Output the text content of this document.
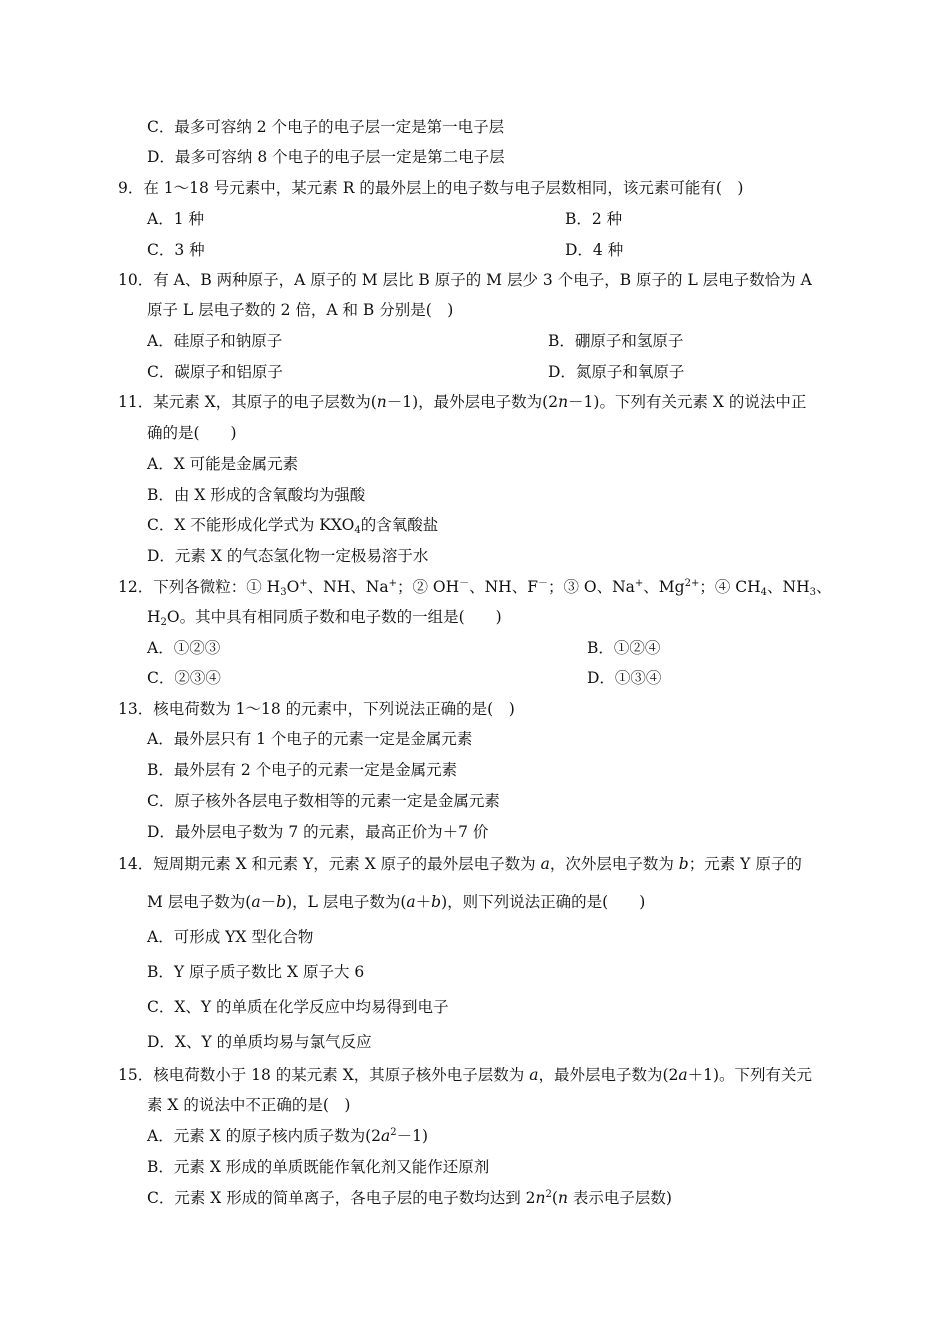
C．最多可容纳 2 个电子的电子层一定是第一电子层
D．最多可容纳 8 个电子的电子层一定是第二电子层
9．在 1～18 号元素中，某元素 R 的最外层上的电子数与电子层数相同，该元素可能有(　)
A．1 种	B．2 种
C．3 种	D．4 种
10．有 A、B 两种原子，A 原子的 M 层比 B 原子的 M 层少 3 个电子，B 原子的 L 层电子数恰为 A
原子 L 层电子数的 2 倍，A 和 B 分别是(　)
A．硅原子和钠原子	B．硼原子和氢原子
C．碳原子和铝原子	D．氮原子和氧原子
11．某元素 X，其原子的电子层数为(n－1)，最外层电子数为(2n－1)。下列有关元素 X 的说法中正
确的是(　　)
A．X 可能是金属元素
B．由 X 形成的含氧酸均为强酸
C．X 不能形成化学式为 $KXO_4$的含氧酸盐
D．元素 X 的气态氢化物一定极易溶于水
12．下列各微粒：① $H_3O^+$、NH、Na+；② OH－、NH、F－；③ O、Na+、$Mg^{2+}$；④ $CH_4$、$NH_3$、
$H_2O$。其中具有相同质子数和电子数的一组是(　　)
A．①②③	B．①②④
C．②③④	D．①③④
13．核电荷数为 1～18 的元素中，下列说法正确的是(　)
A．最外层只有 1 个电子的元素一定是金属元素
B．最外层有 2 个电子的元素一定是金属元素
C．原子核外各层电子数相等的元素一定是金属元素
D．最外层电子数为 7 的元素，最高正价为＋7 价
14．短周期元素 X 和元素 Y，元素 X 原子的最外层电子数为 a，次外层电子数为 b；元素 Y 原子的
M 层电子数为(a－b)，L 层电子数为(a＋b)，则下列说法正确的是(　　)
A．可形成 YX 型化合物
B．Y 原子质子数比 X 原子大 6
C．X、Y 的单质在化学反应中均易得到电子
D．X、Y 的单质均易与氯气反应
15．核电荷数小于 18 的某元素 X，其原子核外电子层数为 a，最外层电子数为(2a＋1)。下列有关元
素 X 的说法中不正确的是(　)
A．元素 X 的原子核内质子数为$(2a^2-1)$
B．元素 X 形成的单质既能作氧化剂又能作还原剂
C．元素 X 形成的简单离子，各电子层的电子数均达到 $2n^2(n$ 表示电子层数)
